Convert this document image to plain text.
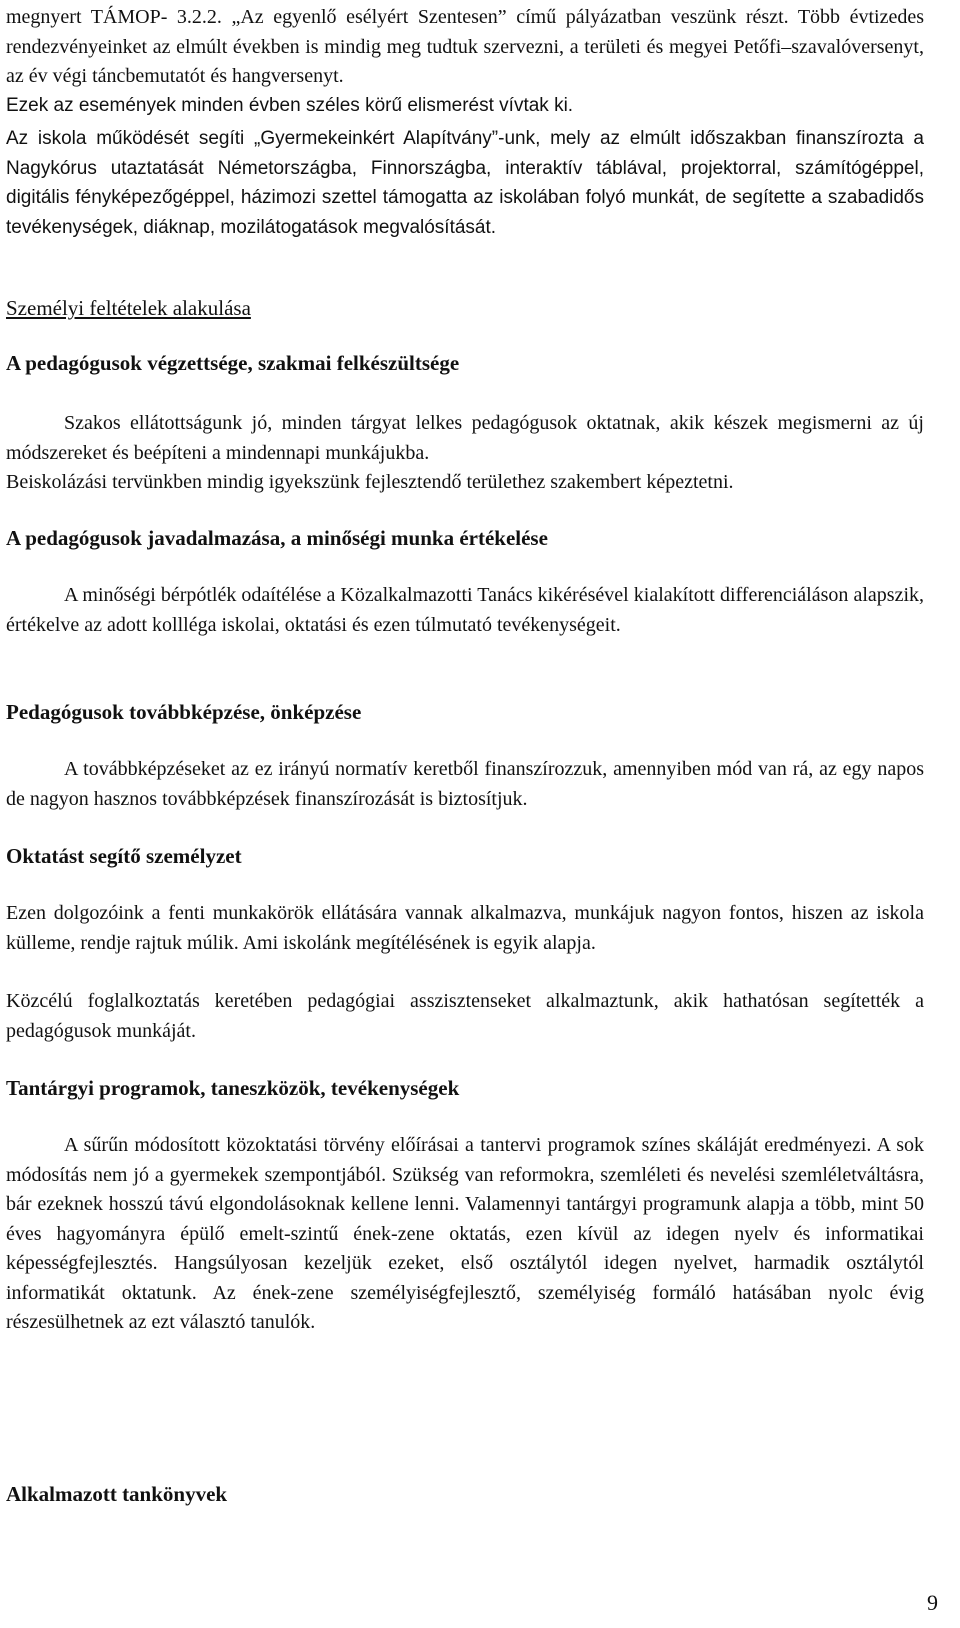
megnyert TÁMOP- 3.2.2. „Az egyenlő esélyért Szentesen” című pályázatban veszünk részt. Több évtizedes rendezvényeinket az elmúlt években is mindig meg tudtuk szervezni, a területi és megyei Petőfi–szavalóversenyt, az év végi táncbemutatót és hangversenyt.

Ezek az események minden évben széles körű elismerést vívtak ki.

Az iskola működését segíti „Gyermekeinkért Alapítvány”-unk, mely az elmúlt időszakban finanszírozta a Nagykórus utaztatását Németországba, Finnországba, interaktív táblával, projektorral, számítógéppel, digitális fényképezőgéppel, házimozi szettel támogatta az iskolában folyó munkát, de segítette a szabadidős tevékenységek, diáknap, mozilátogatások megvalósítását.

Személyi feltételek alakulása
A pedagógusok végzettsége, szakmai felkészültsége

Szakos ellátottságunk jó, minden tárgyat lelkes pedagógusok oktatnak, akik készek megismerni az új módszereket és beépíteni a mindennapi munkájukba.

Beiskolázási tervünkben mindig igyekszünk fejlesztendő területhez szakembert képeztetni.

A pedagógusok javadalmazása, a minőségi munka értékelése

A minőségi bérpótlék odaítélése a Közalkalmazotti Tanács kikérésével kialakított differenciáláson alapszik, értékelve az adott kollléga iskolai, oktatási és ezen túlmutató tevékenységeit.

Pedagógusok továbbképzése, önképzése

A továbbképzéseket az ez irányú normatív keretből finanszírozzuk, amennyiben mód van rá, az egy napos de nagyon hasznos továbbképzések finanszírozását is biztosítjuk.

Oktatást segítő személyzet

Ezen dolgozóink a fenti munkakörök ellátására vannak alkalmazva, munkájuk nagyon fontos, hiszen az iskola külleme, rendje rajtuk múlik. Ami iskolánk megítélésének is egyik alapja.

Közcélú foglalkoztatás keretében pedagógiai asszisztenseket alkalmaztunk, akik hathatósan segítették a pedagógusok munkáját.

Tantárgyi programok, taneszközök, tevékenységek

A sűrűn módosított közoktatási törvény előírásai a tantervi programok színes skáláját eredményezi. A sok módosítás nem jó a gyermekek szempontjából. Szükség van reformokra, szemléleti és nevelési szemléletváltásra, bár ezeknek hosszú távú elgondolásoknak kellene lenni. Valamennyi tantárgyi programunk alapja a több, mint 50 éves hagyományra épülő emelt-szintű ének-zene oktatás, ezen kívül az idegen nyelv és informatikai képességfejlesztés. Hangsúlyosan kezeljük ezeket, első osztálytól idegen nyelvet, harmadik osztálytól informatikát oktatunk. Az ének-zene személyiségfejlesztő, személyiség formáló hatásában nyolc évig részesülhetnek az ezt választó tanulók.

Alkalmazott tankönyvek
9
